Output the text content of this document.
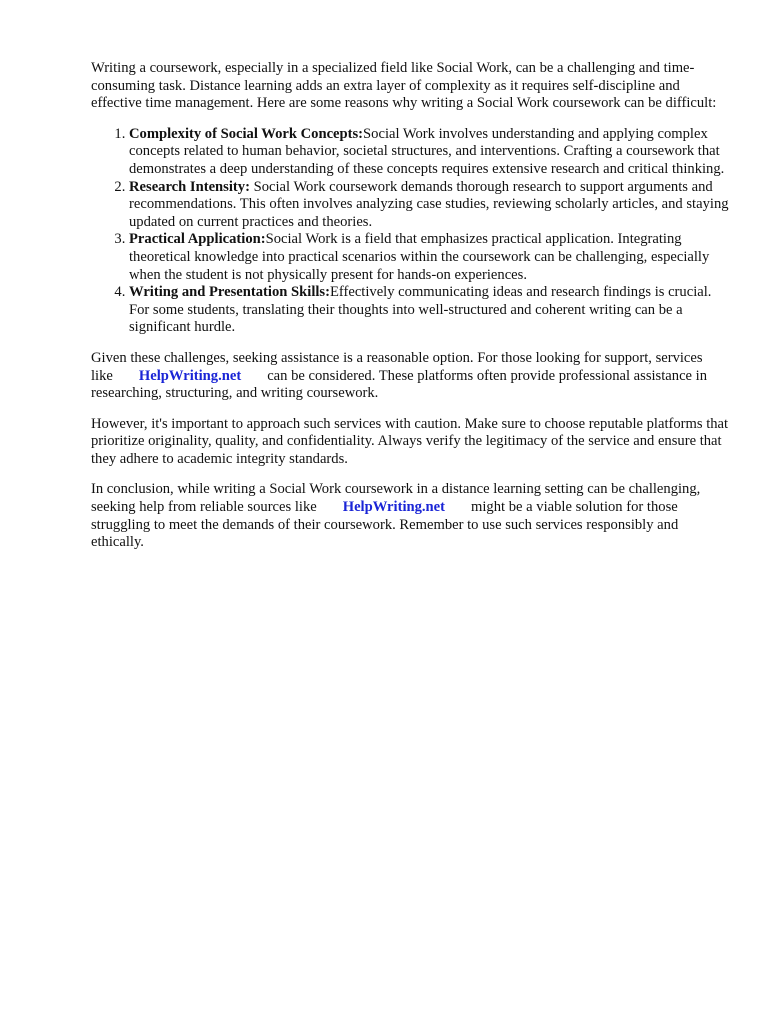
Writing a coursework, especially in a specialized field like Social Work, can be a challenging and time-consuming task. Distance learning adds an extra layer of complexity as it requires self-discipline and effective time management. Here are some reasons why writing a Social Work coursework can be difficult:

1. Complexity of Social Work Concepts:Social Work involves understanding and applying complex concepts related to human behavior, societal structures, and interventions. Crafting a coursework that demonstrates a deep understanding of these concepts requires extensive research and critical thinking.
2. Research Intensity: Social Work coursework demands thorough research to support arguments and recommendations. This often involves analyzing case studies, reviewing scholarly articles, and staying updated on current practices and theories.
3. Practical Application:Social Work is a field that emphasizes practical application. Integrating theoretical knowledge into practical scenarios within the coursework can be challenging, especially when the student is not physically present for hands-on experiences.
4. Writing and Presentation Skills:Effectively communicating ideas and research findings is crucial. For some students, translating their thoughts into well-structured and coherent writing can be a significant hurdle.

Given these challenges, seeking assistance is a reasonable option. For those looking for support, services like HelpWriting.net can be considered. These platforms often provide professional assistance in researching, structuring, and writing coursework.

However, it's important to approach such services with caution. Make sure to choose reputable platforms that prioritize originality, quality, and confidentiality. Always verify the legitimacy of the service and ensure that they adhere to academic integrity standards.

In conclusion, while writing a Social Work coursework in a distance learning setting can be challenging, seeking help from reliable sources like HelpWriting.net might be a viable solution for those struggling to meet the demands of their coursework. Remember to use such services responsibly and ethically.
